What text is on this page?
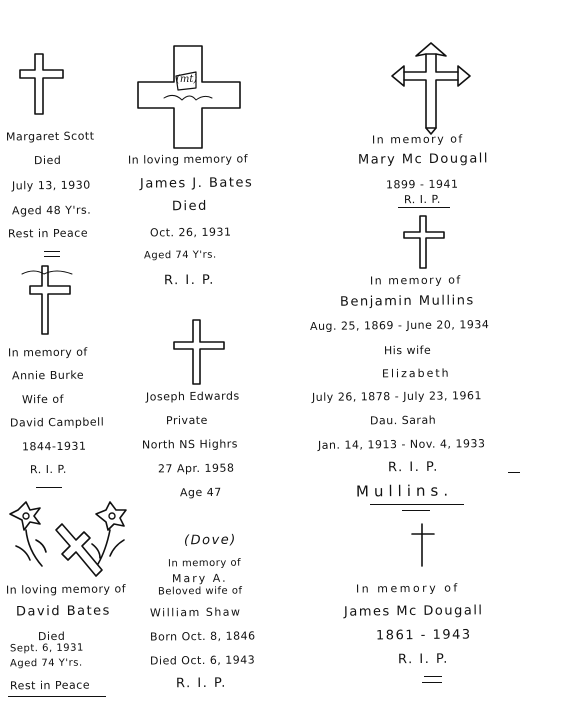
Margaret Scott
Died
July 13, 1930
Aged 48 Y'rs.
Rest in Peace
In memory of
Annie Burke
Wife of
David Campbell
1844-1931
R. I. P.
In loving memory of
David Bates
Died
Sept. 6, 1931
Aged 74 Y'rs.
Rest in Peace
(mt)
In loving memory of
James J. Bates
Died
Oct. 26, 1931
Aged 74 Y'rs.
R. I. P.
Joseph Edwards
Private
North NS Highrs
27 Apr. 1958
Age 47
(Dove)
In memory of
Mary A.
Beloved wife of
William Shaw
Born Oct. 8, 1846
Died Oct. 6, 1943
R. I. P.
In memory of
Mary Mc Dougall
1899 - 1941
R. I. P.
In memory of
Benjamin Mullins
Aug. 25, 1869 - June 20, 1934
His wife
Elizabeth
July 26, 1878 - July 23, 1961
Dau. Sarah
Jan. 14, 1913 - Nov. 4, 1933
R. I. P.
Mullins.
In memory of
James Mc Dougall
1861 - 1943
R. I. P.
